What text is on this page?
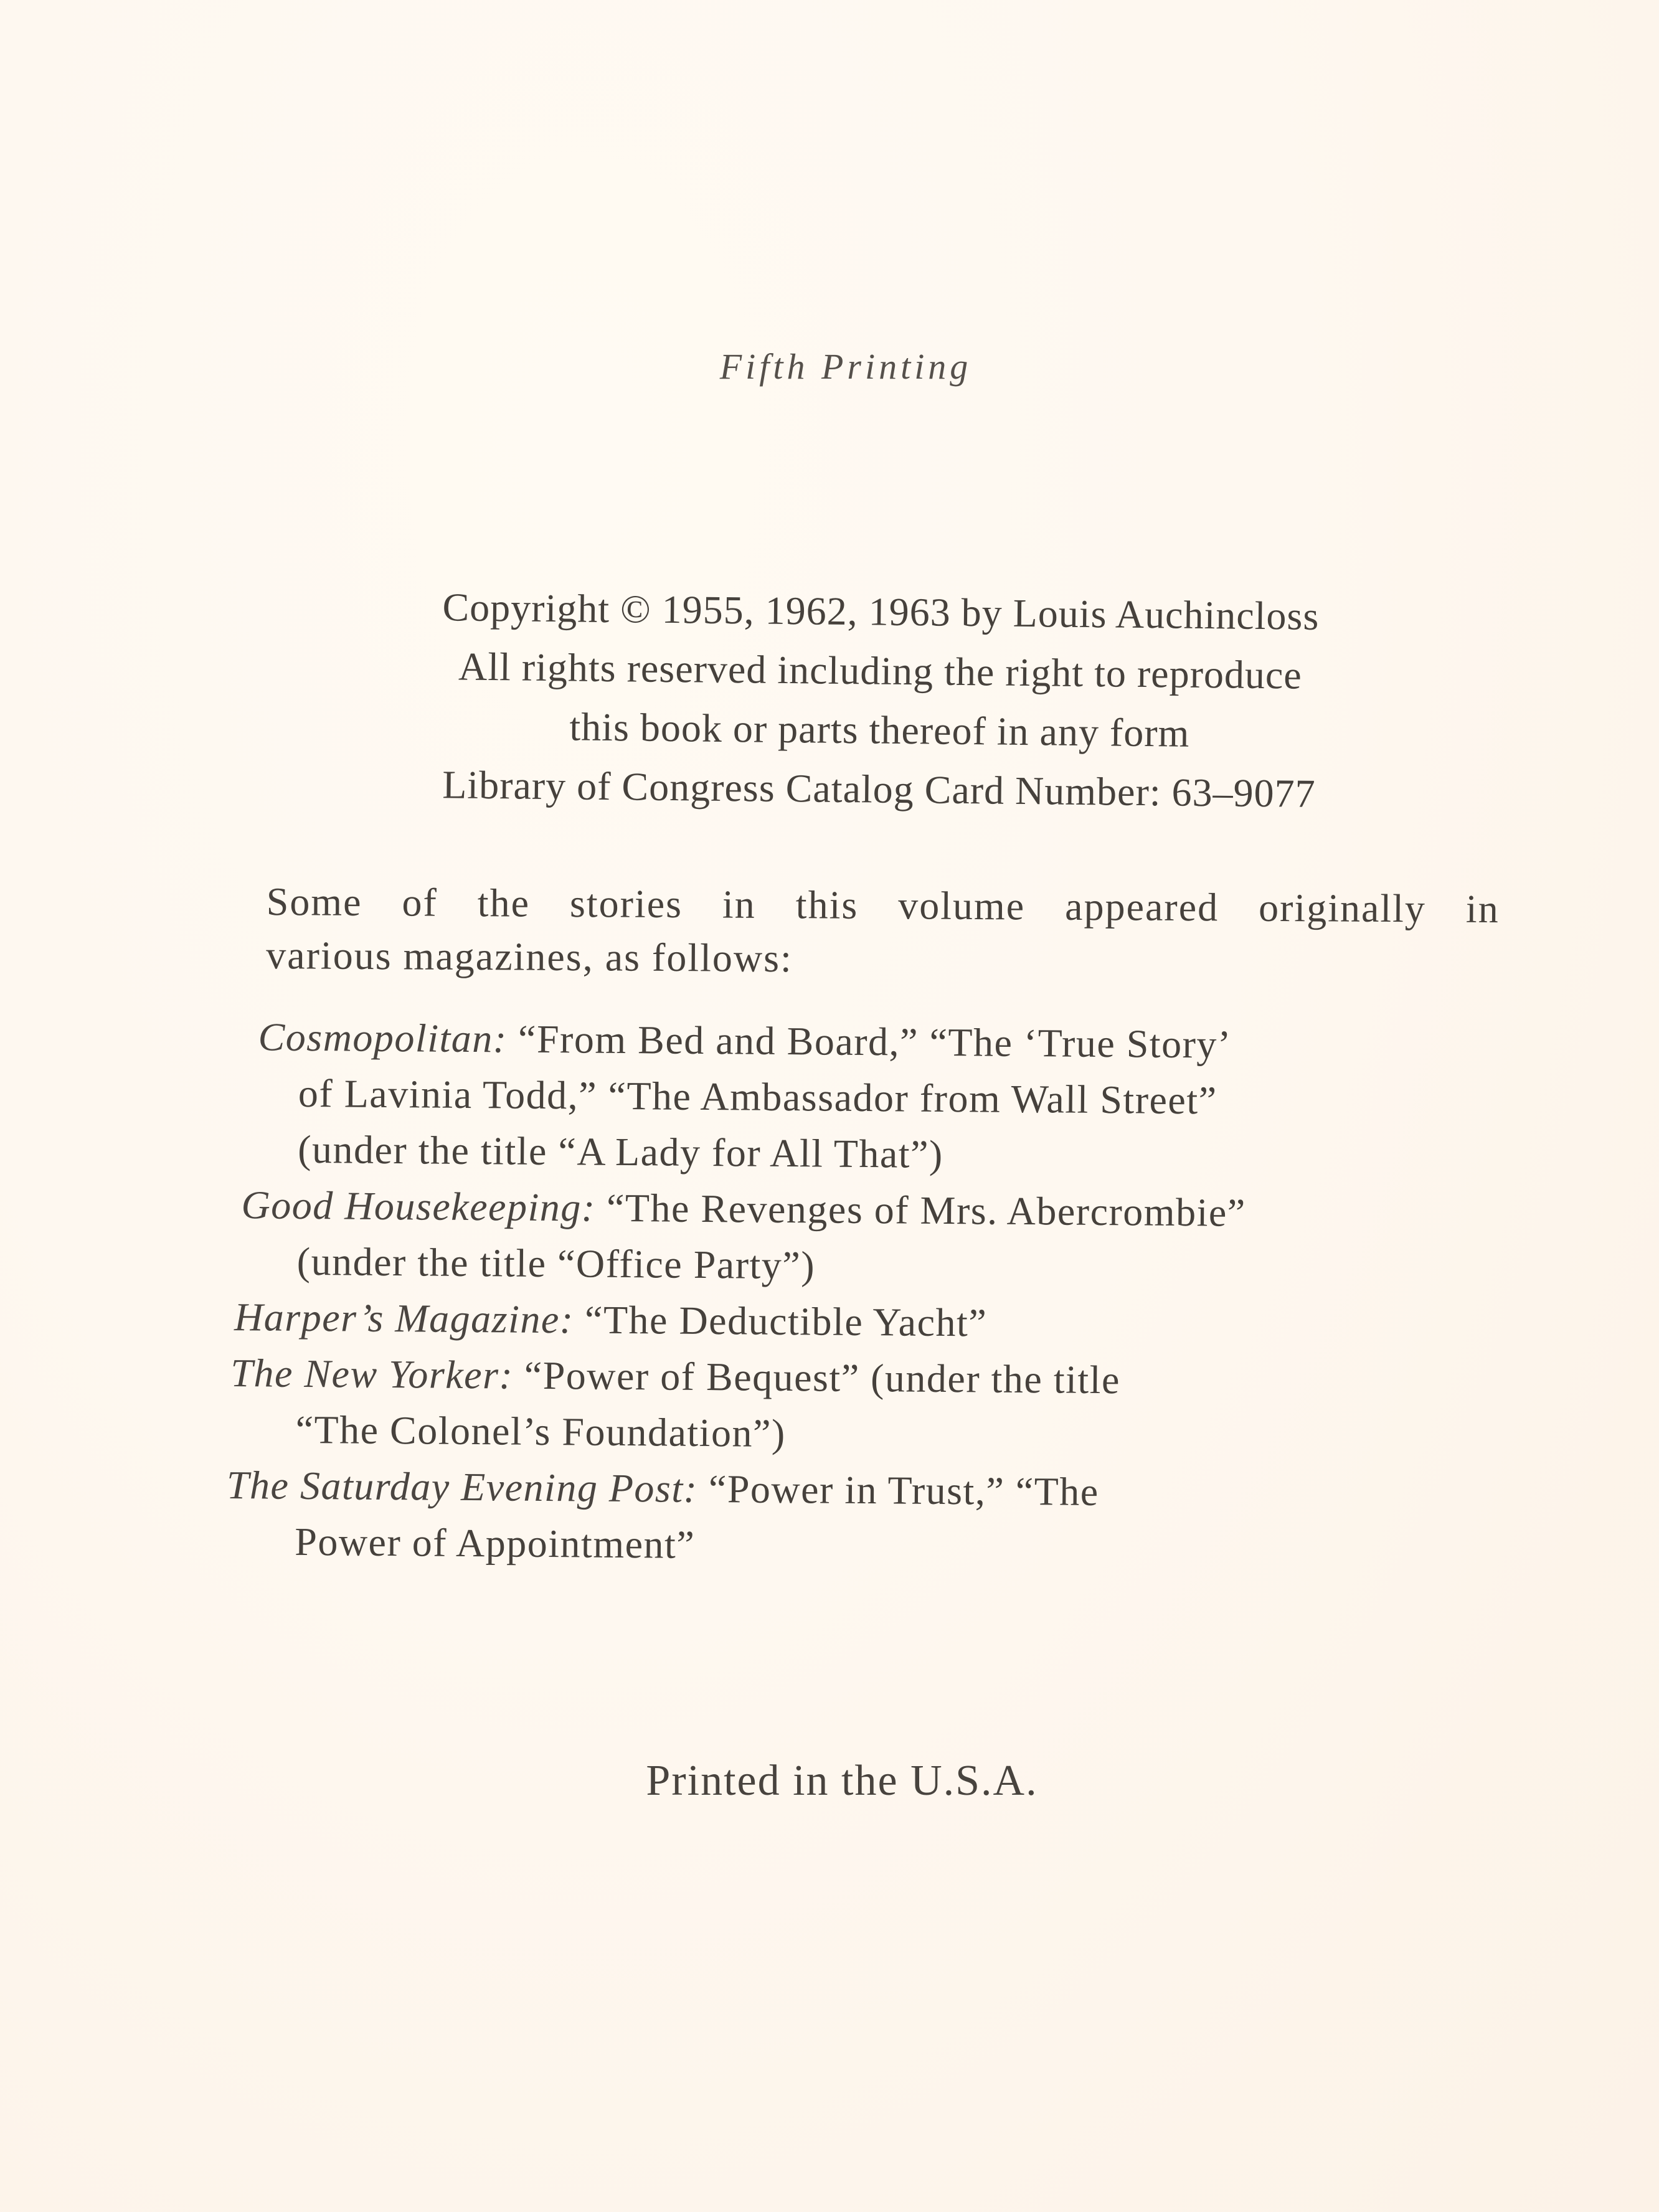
Fifth Printing
Copyright © 1955, 1962, 1963 by Louis Auchincloss
All rights reserved including the right to reproduce
this book or parts thereof in any form
Library of Congress Catalog Card Number: 63–9077
Some of the stories in this volume appeared originally in
various magazines, as follows:
Cosmopolitan: “From Bed and Board,” “The ‘True Story’
of Lavinia Todd,” “The Ambassador from Wall Street”
(under the title “A Lady for All That”)
Good Housekeeping: “The Revenges of Mrs. Abercrombie”
(under the title “Office Party”)
Harper’s Magazine: “The Deductible Yacht”
The New Yorker: “Power of Bequest” (under the title
“The Colonel’s Foundation”)
The Saturday Evening Post: “Power in Trust,” “The
Power of Appointment”
Printed in the U.S.A.
